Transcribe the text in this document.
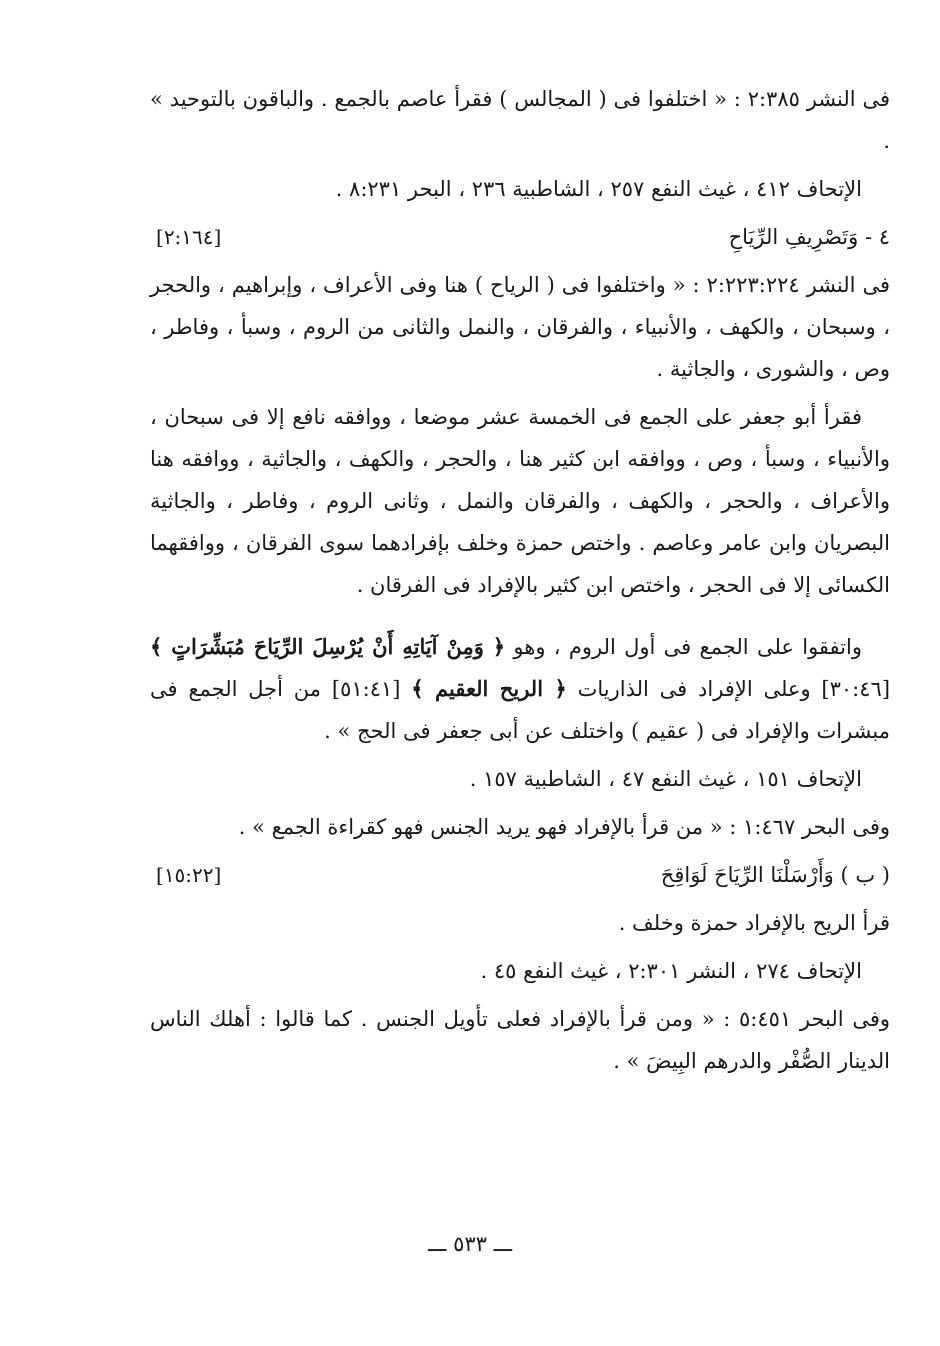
فى النشر ٢:٣٨٥ : « اختلفوا فى ( المجالس ) فقرأ عاصم بالجمع . والباقون بالتوحيد » .

الإتحاف ٤١٢ ، غيث النفع ٢٥٧ ، الشاطبية ٢٣٦ ، البحر ٨:٢٣١ .

٤ - وَتَصْرِيفِ الرِّيَاحِ
[٢:١٦٤]

فى النشر ٢:٢٢٣:٢٢٤ : « واختلفوا فى ( الرياح ) هنا وفى الأعراف ، وإبراهيم ، والحجر ، وسبحان ، والكهف ، والأنبياء ، والفرقان ، والنمل والثانى من الروم ، وسبأ ، وفاطر ، وص ، والشورى ، والجاثية .

فقرأ أبو جعفر على الجمع فى الخمسة عشر موضعا ، ووافقه نافع إلا فى سبحان ، والأنبياء ، وسبأ ، وص ، ووافقه ابن كثير هنا ، والحجر ، والكهف ، والجاثية ، ووافقه هنا والأعراف ، والحجر ، والكهف ، والفرقان والنمل ، وثانى الروم ، وفاطر ، والجاثية البصريان وابن عامر وعاصم . واختص حمزة وخلف بإفرادهما سوى الفرقان ، ووافقهما الكسائى إلا فى الحجر ، واختص ابن كثير بالإفراد فى الفرقان .

واتفقوا على الجمع فى أول الروم ، وهو ﴿ وَمِنْ آيَاتِهِ أَنْ يُرْسِلَ الرِّيَاحَ مُبَشِّرَاتٍ ﴾ [٣٠:٤٦] وعلى الإفراد فى الذاريات ﴿ الريح العقيم ﴾ [٥١:٤١] من أجل الجمع فى مبشرات والإفراد فى ( عقيم ) واختلف عن أبى جعفر فى الحج » .

الإتحاف ١٥١ ، غيث النفع ٤٧ ، الشاطبية ١٥٧ .

وفى البحر ١:٤٦٧ : « من قرأ بالإفراد فهو يريد الجنس فهو كقراءة الجمع » .

( ب ) وَأَرْسَلْنَا الرِّيَاحَ لَوَاقِحَ
[١٥:٢٢]

قرأ الريح بالإفراد حمزة وخلف .

الإتحاف ٢٧٤ ، النشر ٢:٣٠١ ، غيث النفع ٤٥ .

وفى البحر ٥:٤٥١ : « ومن قرأ بالإفراد فعلى تأويل الجنس . كما قالوا : أهلك الناس الدينار الصُّفْر والدرهم البِيضَ » .

ـــ ٥٣٣ ـــ
